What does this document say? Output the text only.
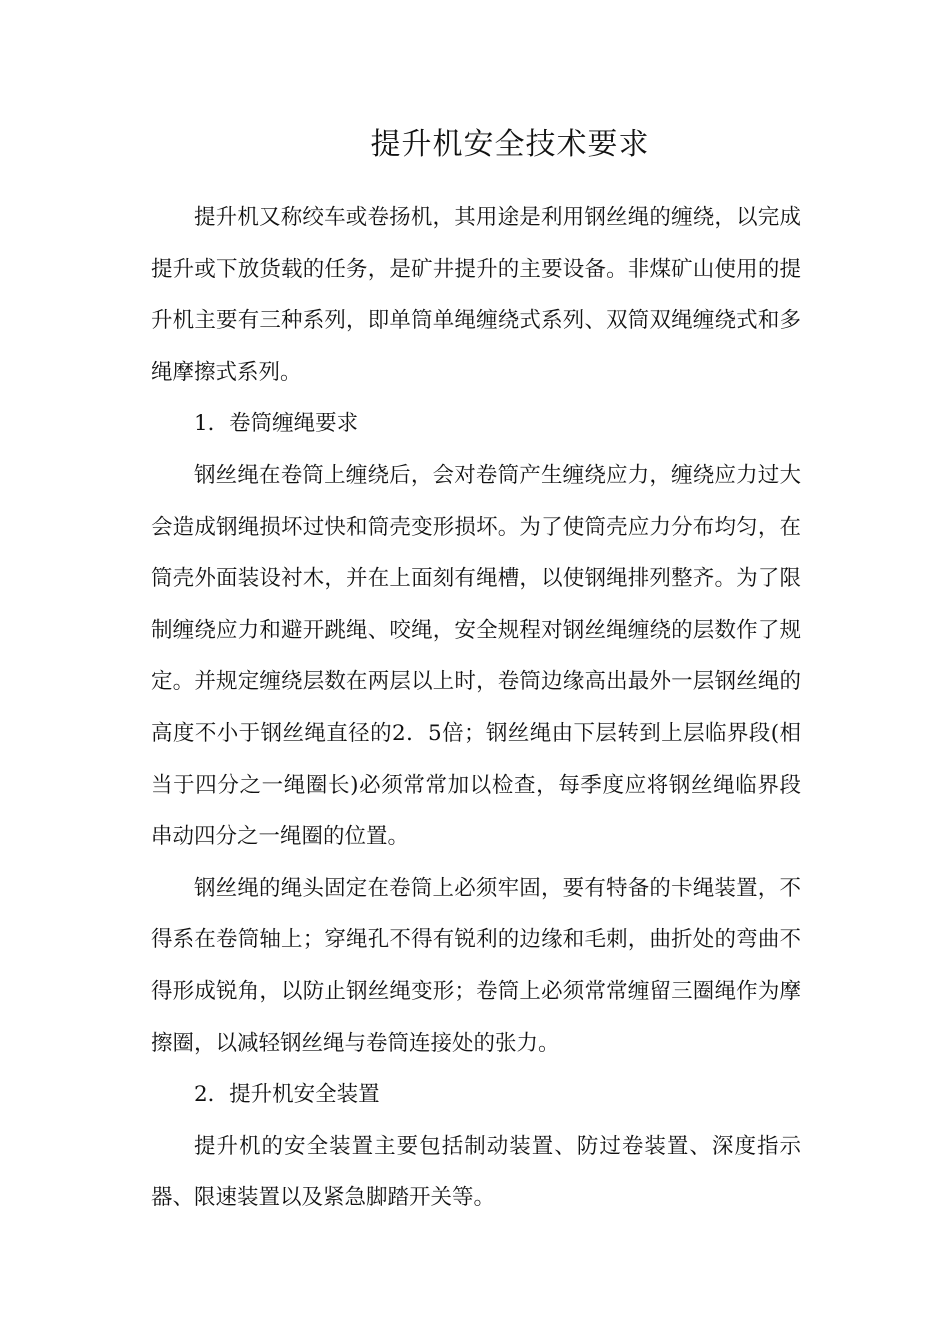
提升机安全技术要求

提升机又称绞车或卷扬机，其用途是利用钢丝绳的缠绕，以完成提升或下放货载的任务，是矿井提升的主要设备。非煤矿山使用的提升机主要有三种系列，即单筒单绳缠绕式系列、双筒双绳缠绕式和多绳摩擦式系列。

1．卷筒缠绳要求

钢丝绳在卷筒上缠绕后，会对卷筒产生缠绕应力，缠绕应力过大会造成钢绳损坏过快和筒壳变形损坏。为了使筒壳应力分布均匀，在筒壳外面装设衬木，并在上面刻有绳槽，以使钢绳排列整齐。为了限制缠绕应力和避开跳绳、咬绳，安全规程对钢丝绳缠绕的层数作了规定。并规定缠绕层数在两层以上时，卷筒边缘高出最外一层钢丝绳的高度不小于钢丝绳直径的2．5倍；钢丝绳由下层转到上层临界段(相当于四分之一绳圈长)必须常常加以检查，每季度应将钢丝绳临界段串动四分之一绳圈的位置。

钢丝绳的绳头固定在卷筒上必须牢固，要有特备的卡绳装置，不得系在卷筒轴上；穿绳孔不得有锐利的边缘和毛刺，曲折处的弯曲不得形成锐角，以防止钢丝绳变形；卷筒上必须常常缠留三圈绳作为摩擦圈，以减轻钢丝绳与卷筒连接处的张力。

2．提升机安全装置

提升机的安全装置主要包括制动装置、防过卷装置、深度指示器、限速装置以及紧急脚踏开关等。
